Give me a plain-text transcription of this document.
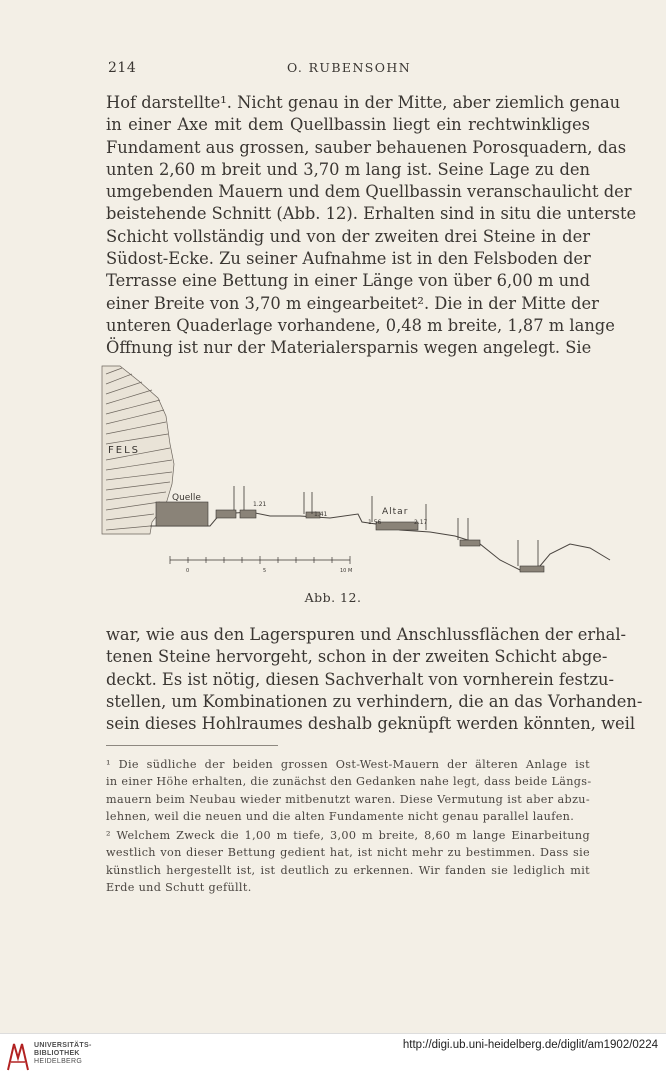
214	O. RUBENSOHN
Hof darstellte¹. Nicht genau in der Mitte, aber ziemlich genau
in einer Axe mit dem Quellbassin liegt ein rechtwinkliges
Fundament aus grossen, sauber behauenen Porosquadern, das
unten 2,60 m breit und 3,70 m lang ist. Seine Lage zu den
umgebenden Mauern und dem Quellbassin veranschaulicht der
beistehende Schnitt (Abb. 12). Erhalten sind in situ die unterste
Schicht vollständig und von der zweiten drei Steine in der
Südost-Ecke. Zu seiner Aufnahme ist in den Felsboden der
Terrasse eine Bettung in einer Länge von über 6,00 m und
einer Breite von 3,70 m eingearbeitet². Die in der Mitte der
unteren Quaderlage vorhandene, 0,48 m breite, 1,87 m lange
Öffnung ist nur der Materialersparnis wegen angelegt. Sie
FELS
Quelle
Altar
1.21
1.41
1.56	2.17
0	5	10 M
Abb. 12.
war, wie aus den Lagerspuren und Anschlussflächen der erhal-
tenen Steine hervorgeht, schon in der zweiten Schicht abge-
deckt. Es ist nötig, diesen Sachverhalt von vornherein festzu-
stellen, um Kombinationen zu verhindern, die an das Vorhanden-
sein dieses Hohlraumes deshalb geknüpft werden könnten, weil
¹ Die südliche der beiden grossen Ost-West-Mauern der älteren Anlage ist
in einer Höhe erhalten, die zunächst den Gedanken nahe legt, dass beide Längs-
mauern beim Neubau wieder mitbenutzt waren. Diese Vermutung ist aber abzu-
lehnen, weil die neuen und die alten Fundamente nicht genau parallel laufen.
² Welchem Zweck die 1,00 m tiefe, 3,00 m breite, 8,60 m lange Einarbeitung
westlich von dieser Bettung gedient hat, ist nicht mehr zu bestimmen. Dass sie
künstlich hergestellt ist, ist deutlich zu erkennen. Wir fanden sie lediglich mit
Erde und Schutt gefüllt.
UNIVERSITÄTS-
BIBLIOTHEK
HEIDELBERG
http://digi.ub.uni-heidelberg.de/diglit/am1902/0224
